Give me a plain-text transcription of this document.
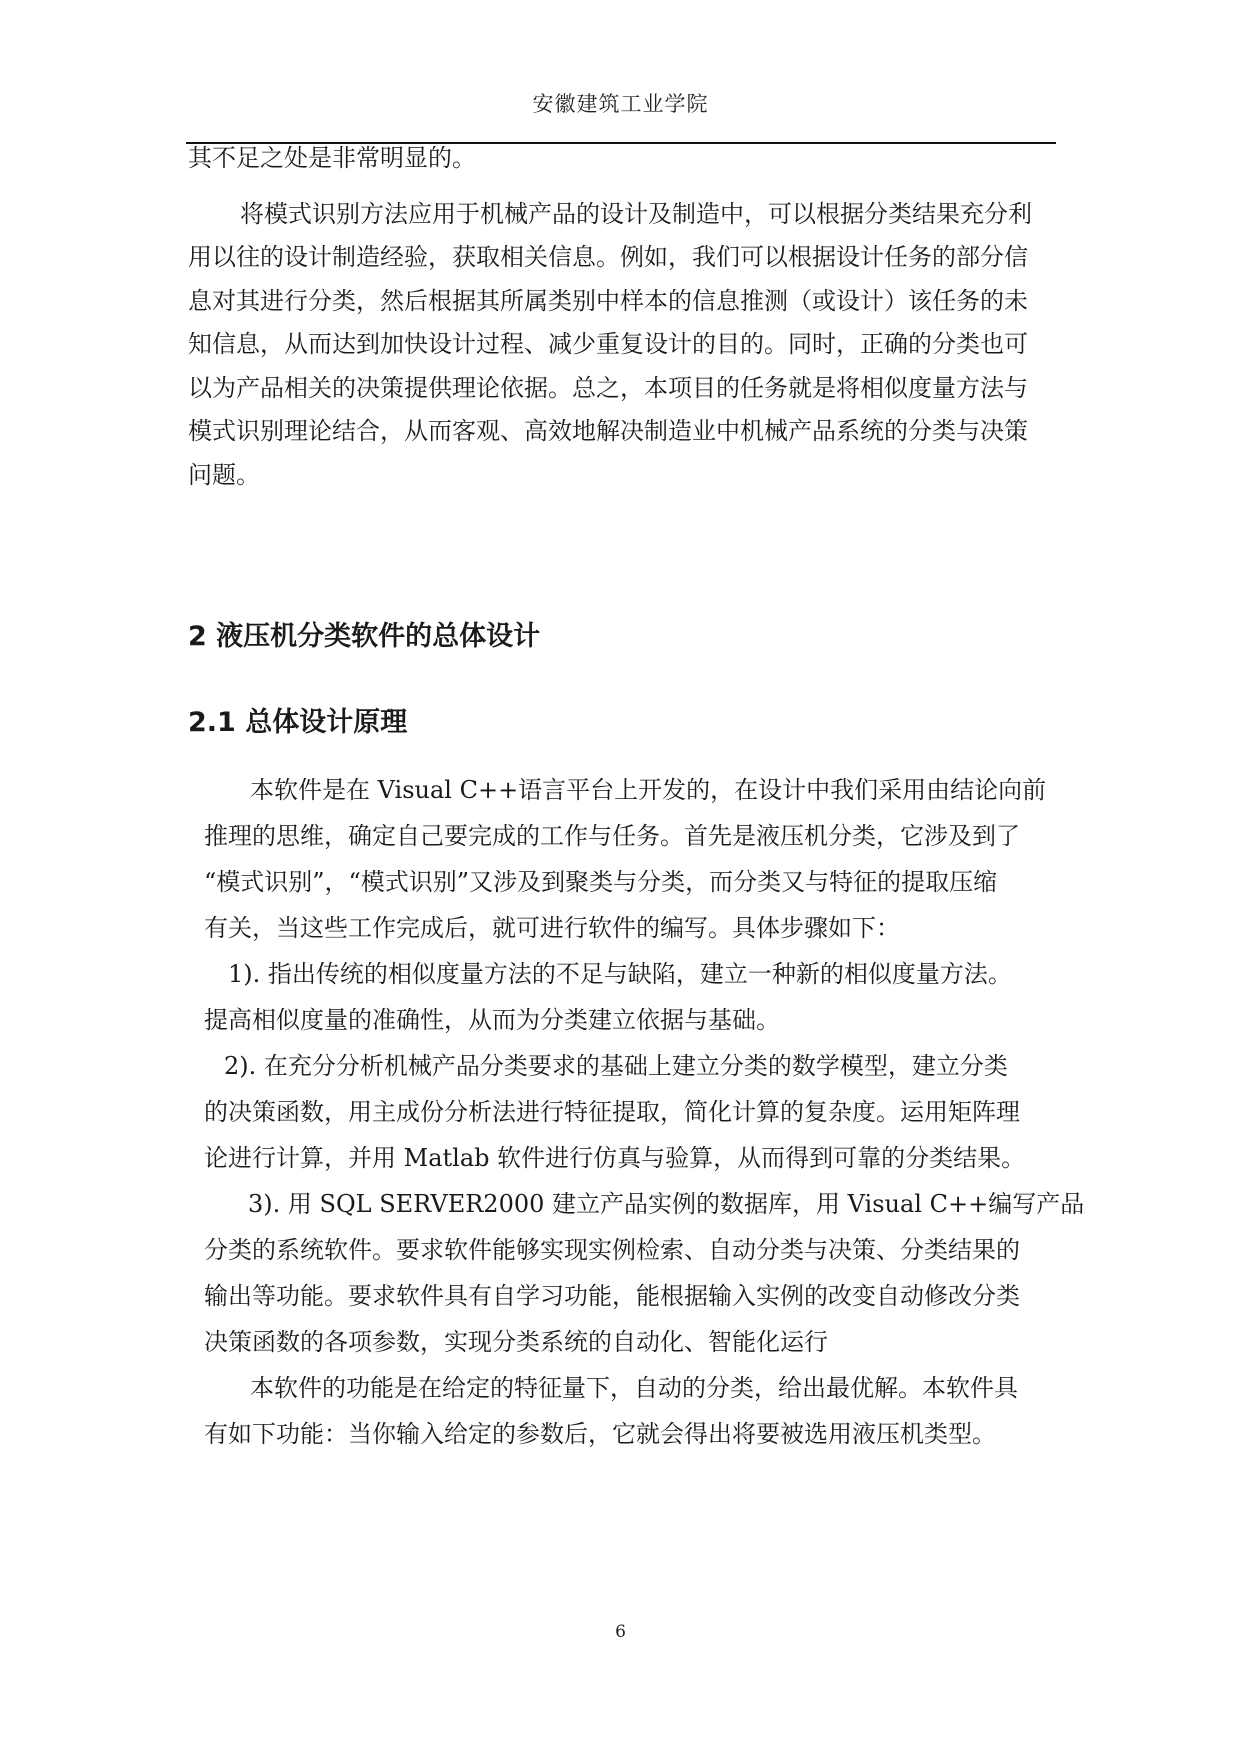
安徽建筑工业学院
其不足之处是非常明显的。
将模式识别方法应用于机械产品的设计及制造中，可以根据分类结果充分利
用以往的设计制造经验，获取相关信息。例如，我们可以根据设计任务的部分信
息对其进行分类，然后根据其所属类别中样本的信息推测（或设计）该任务的未
知信息，从而达到加快设计过程、减少重复设计的目的。同时，正确的分类也可
以为产品相关的决策提供理论依据。总之，本项目的任务就是将相似度量方法与
模式识别理论结合，从而客观、高效地解决制造业中机械产品系统的分类与决策
问题。
2 液压机分类软件的总体设计
2.1 总体设计原理
本软件是在 Visual C++语言平台上开发的，在设计中我们采用由结论向前
推理的思维，确定自己要完成的工作与任务。首先是液压机分类，它涉及到了
“模式识别”，“模式识别”又涉及到聚类与分类，而分类又与特征的提取压缩
有关，当这些工作完成后，就可进行软件的编写。具体步骤如下：
1). 指出传统的相似度量方法的不足与缺陷，建立一种新的相似度量方法。
提高相似度量的准确性，从而为分类建立依据与基础。
2). 在充分分析机械产品分类要求的基础上建立分类的数学模型，建立分类
的决策函数，用主成份分析法进行特征提取，简化计算的复杂度。运用矩阵理
论进行计算，并用 Matlab 软件进行仿真与验算，从而得到可靠的分类结果。
3). 用 SQL SERVER2000 建立产品实例的数据库，用 Visual C++编写产品
分类的系统软件。要求软件能够实现实例检索、自动分类与决策、分类结果的
输出等功能。要求软件具有自学习功能，能根据输入实例的改变自动修改分类
决策函数的各项参数，实现分类系统的自动化、智能化运行
本软件的功能是在给定的特征量下，自动的分类，给出最优解。本软件具
有如下功能：当你输入给定的参数后，它就会得出将要被选用液压机类型。
6
